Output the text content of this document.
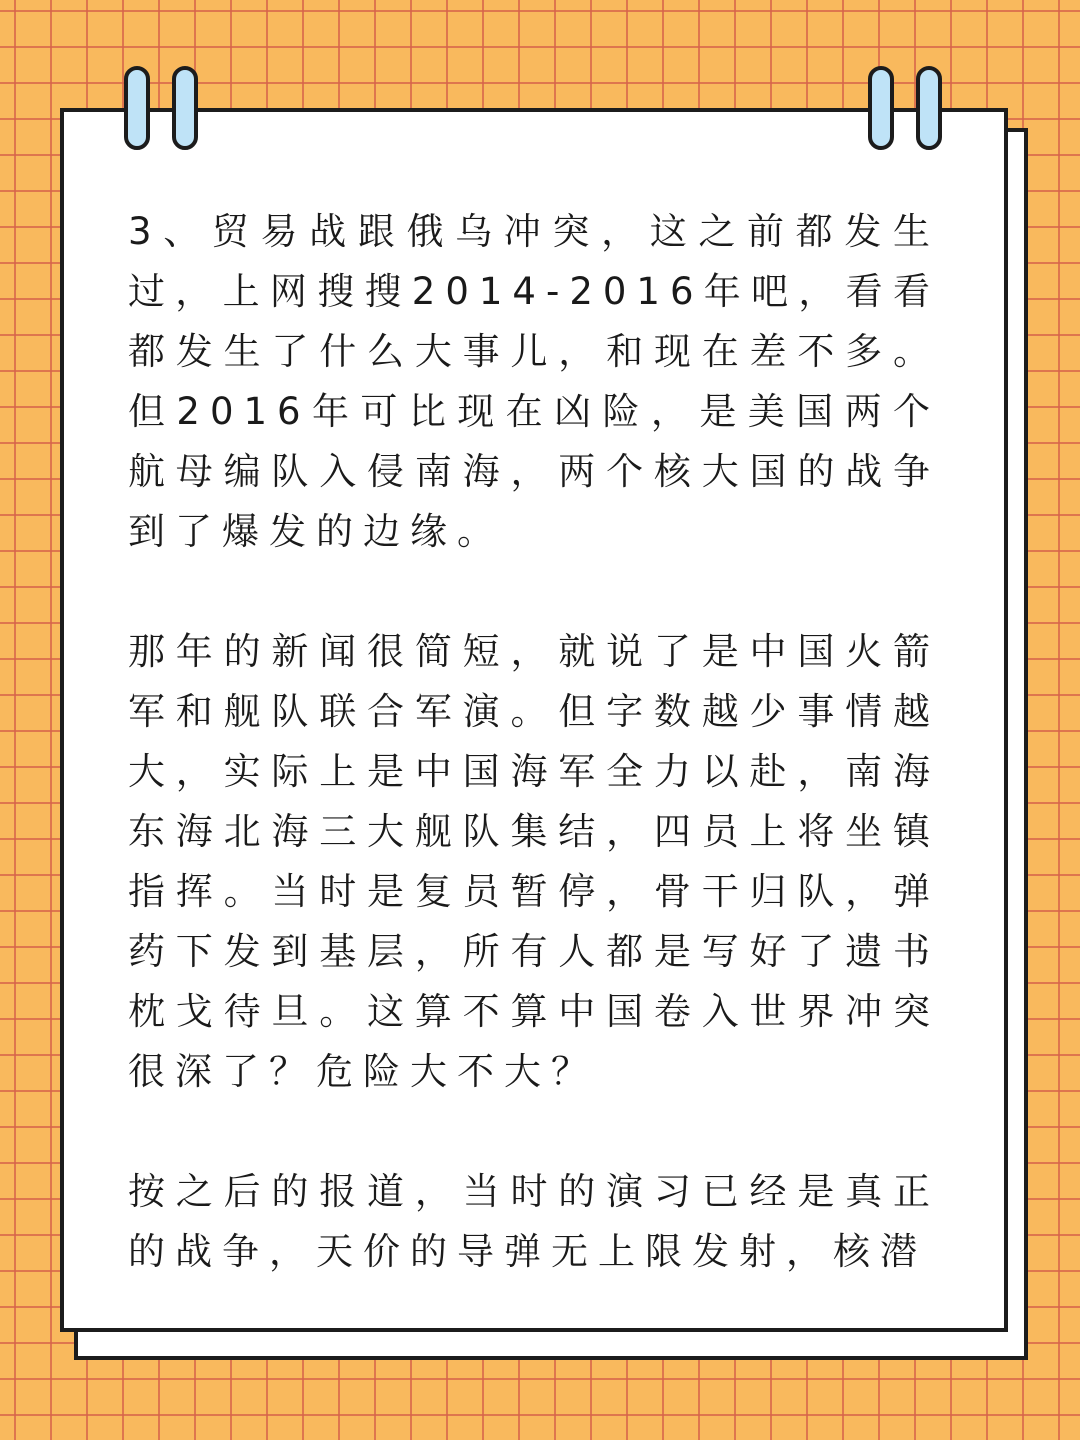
3、贸易战跟俄乌冲突，这之前都发生过，上网搜搜2014-2016年吧，看看都发生了什么大事儿，和现在差不多。但2016年可比现在凶险，是美国两个航母编队入侵南海，两个核大国的战争到了爆发的边缘。

那年的新闻很简短，就说了是中国火箭军和舰队联合军演。但字数越少事情越大，实际上是中国海军全力以赴，南海东海北海三大舰队集结，四员上将坐镇指挥。当时是复员暂停，骨干归队，弹药下发到基层，所有人都是写好了遗书枕戈待旦。这算不算中国卷入世界冲突很深了？危险大不大？

按之后的报道，当时的演习已经是真正的战争，天价的导弹无上限发射，核潜
